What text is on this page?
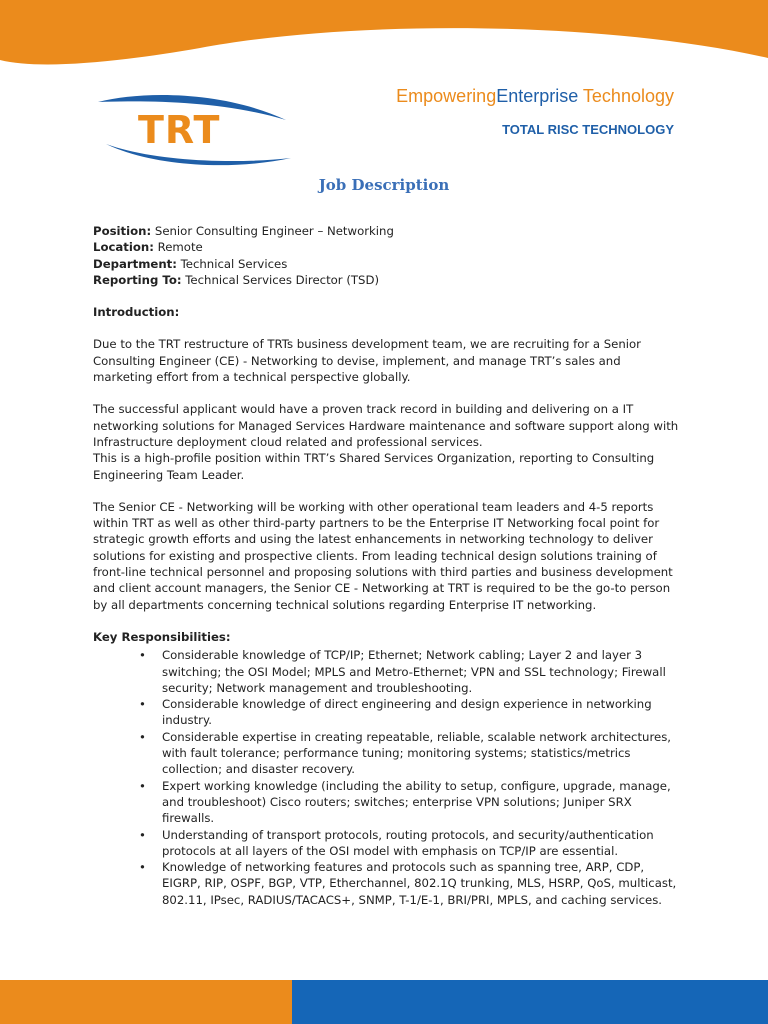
TRT
EmpoweringEnterprise Technology
TOTAL RISC TECHNOLOGY
Job Description

Position: Senior Consulting Engineer – Networking

Location: Remote

Department: Technical Services

Reporting To: Technical Services Director (TSD)

Introduction:

Due to the TRT restructure of TRTs business development team, we are recruiting for a Senior Consulting Engineer (CE) - Networking to devise, implement, and manage TRT’s sales and marketing effort from a technical perspective globally.

The successful applicant would have a proven track record in building and delivering on a IT networking solutions for Managed Services Hardware maintenance and software support along with Infrastructure deployment cloud related and professional services.

This is a high-profile position within TRT’s Shared Services Organization, reporting to Consulting Engineering Team Leader.

The Senior CE - Networking will be working with other operational team leaders and 4-5 reports within TRT as well as other third-party partners to be the Enterprise IT Networking focal point for strategic growth efforts and using the latest enhancements in networking technology to deliver solutions for existing and prospective clients. From leading technical design solutions training of front-line technical personnel and proposing solutions with third parties and business development and client account managers, the Senior CE - Networking at TRT is required to be the go-to person by all departments concerning technical solutions regarding Enterprise IT networking.

Key Responsibilities:

• Considerable knowledge of TCP/IP; Ethernet; Network cabling; Layer 2 and layer 3 switching; the OSI Model; MPLS and Metro-Ethernet; VPN and SSL technology; Firewall security; Network management and troubleshooting.
• Considerable knowledge of direct engineering and design experience in networking industry.
• Considerable expertise in creating repeatable, reliable, scalable network architectures, with fault tolerance; performance tuning; monitoring systems; statistics/metrics collection; and disaster recovery.
• Expert working knowledge (including the ability to setup, configure, upgrade, manage, and troubleshoot) Cisco routers; switches; enterprise VPN solutions; Juniper SRX firewalls.
• Understanding of transport protocols, routing protocols, and security/authentication protocols at all layers of the OSI model with emphasis on TCP/IP are essential.
• Knowledge of networking features and protocols such as spanning tree, ARP, CDP, EIGRP, RIP, OSPF, BGP, VTP, Etherchannel, 802.1Q trunking, MLS, HSRP, QoS, multicast, 802.11, IPsec, RADIUS/TACACS+, SNMP, T-1/E-1, BRI/PRI, MPLS, and caching services.
